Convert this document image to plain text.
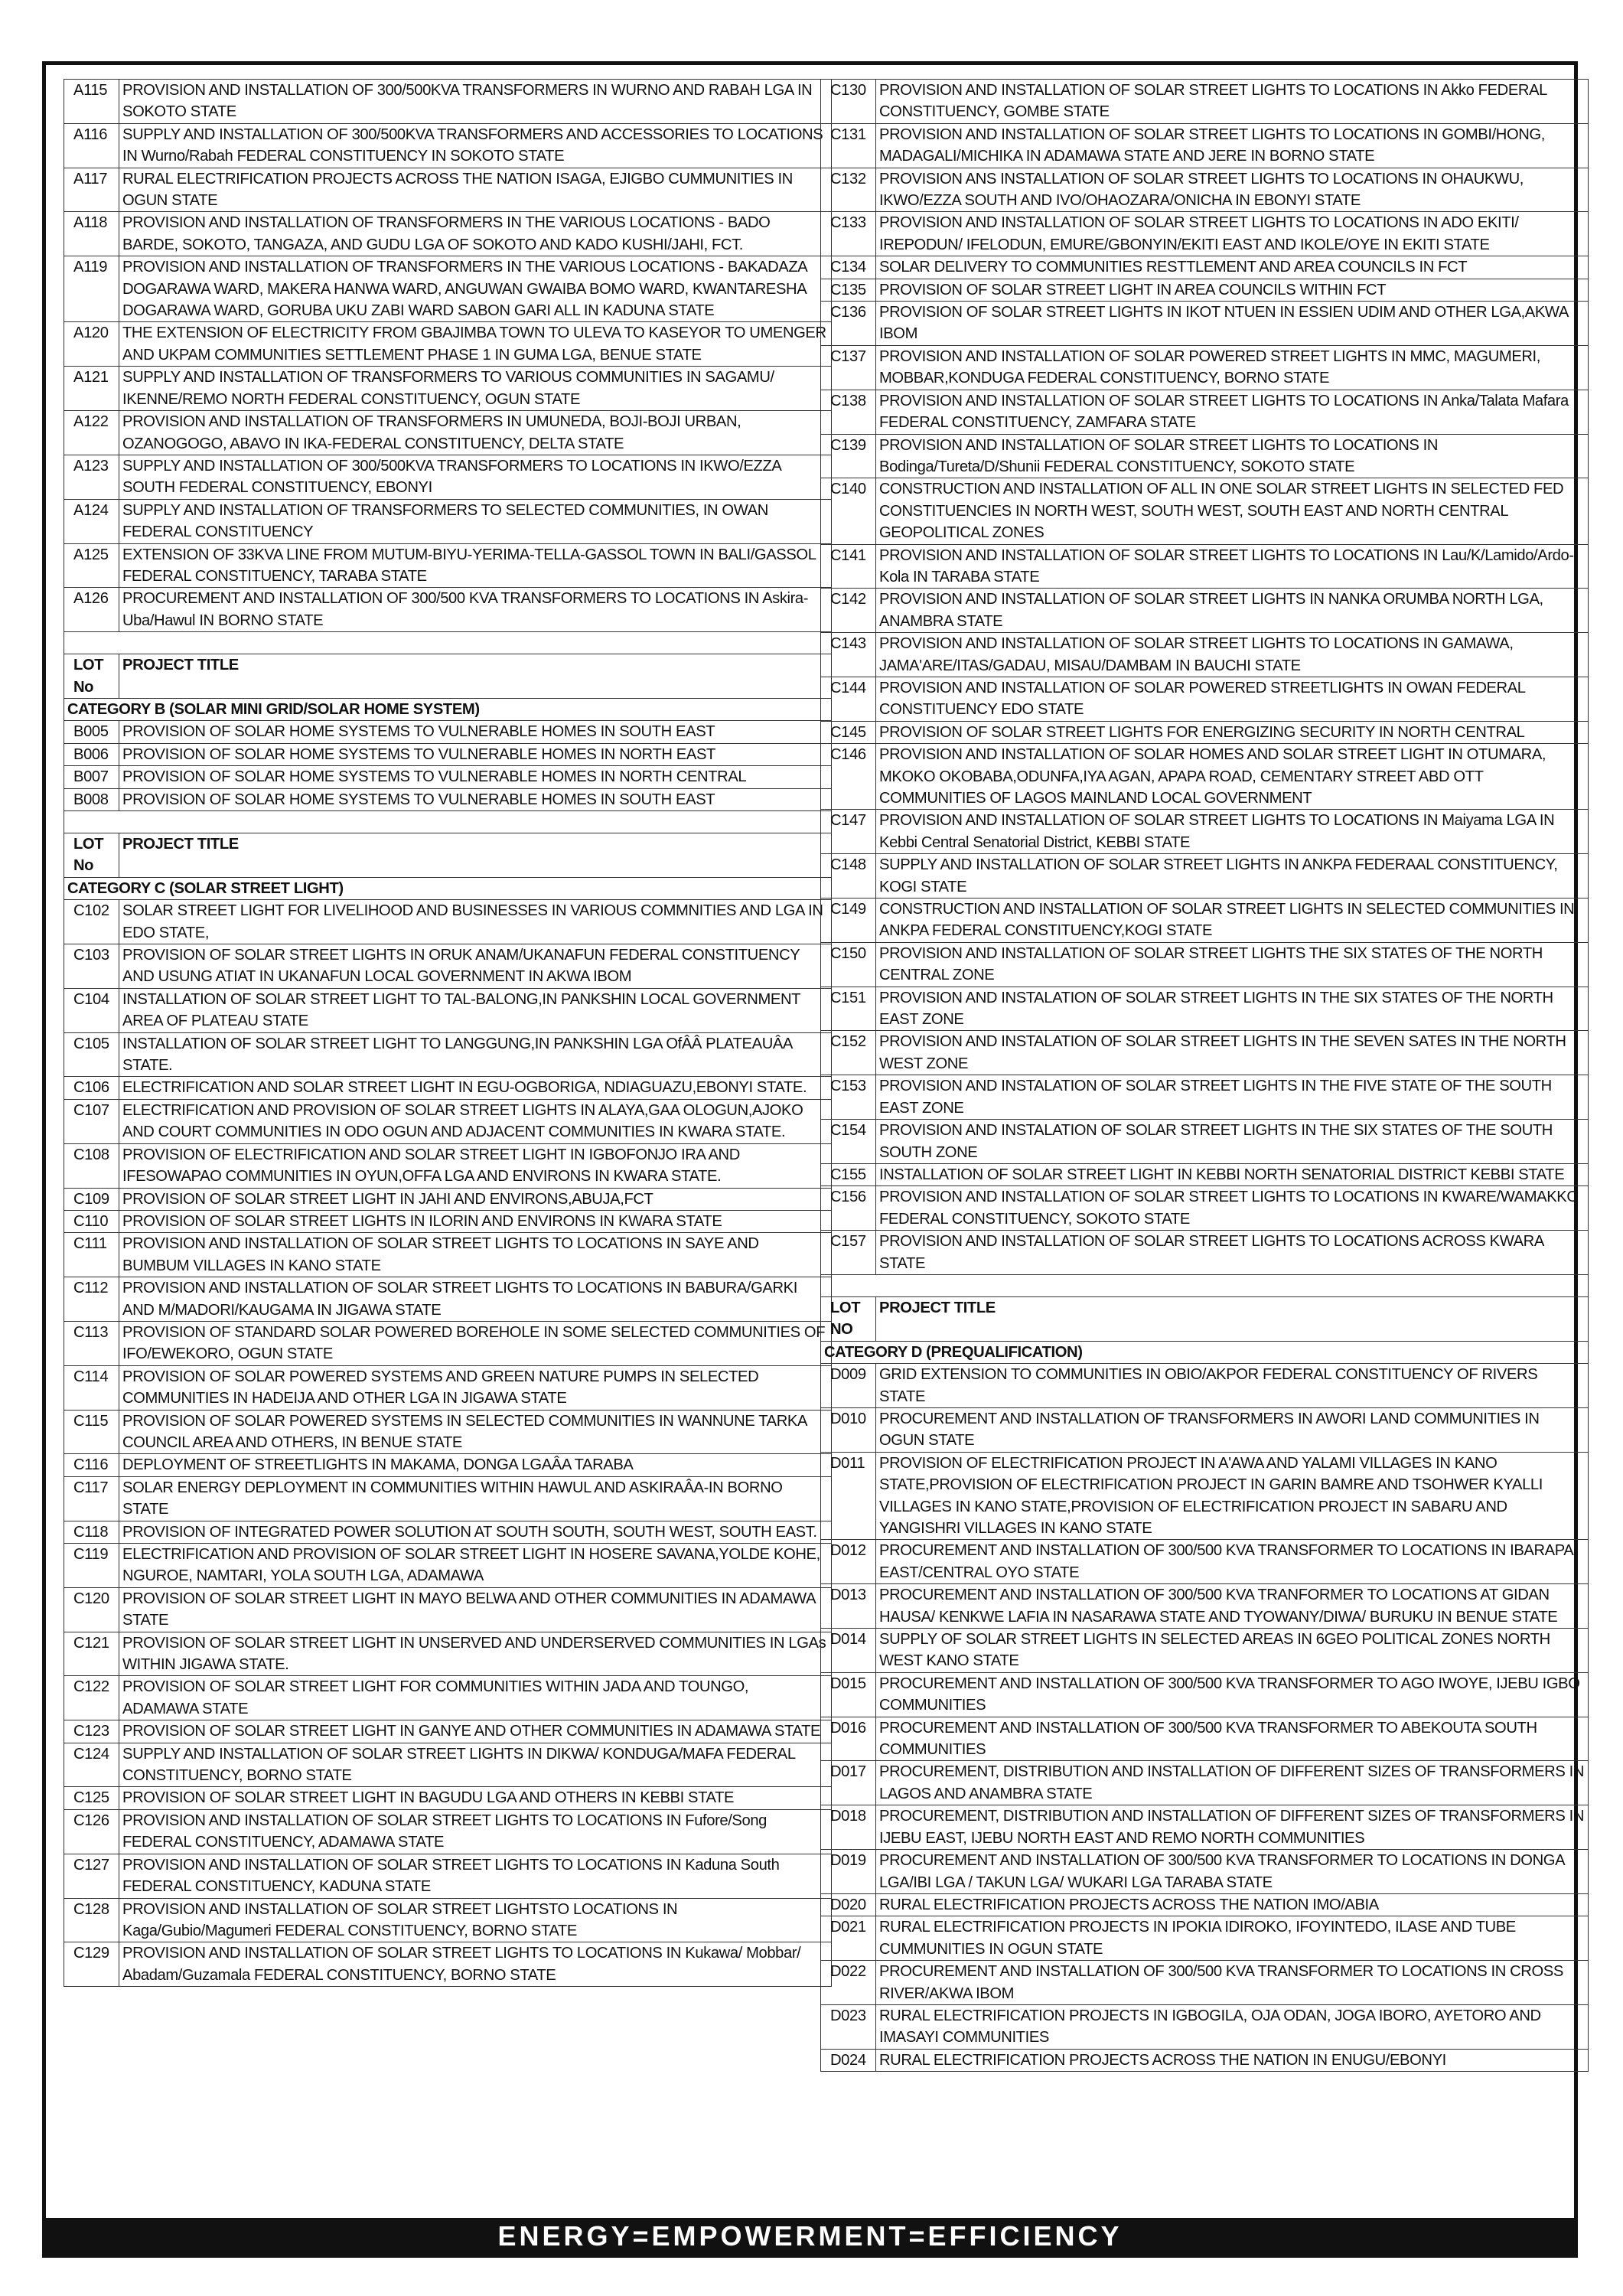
A115	PROVISION AND INSTALLATION OF 300/500KVA TRANSFORMERS IN WURNO AND RABAH LGA IN SOKOTO STATE
A116	SUPPLY AND INSTALLATION OF 300/500KVA TRANSFORMERS AND ACCESSORIES TO LOCATIONS IN Wurno/Rabah FEDERAL CONSTITUENCY IN SOKOTO STATE
A117	RURAL ELECTRIFICATION PROJECTS ACROSS THE NATION ISAGA, EJIGBO CUMMUNITIES IN OGUN STATE
A118	PROVISION AND INSTALLATION OF TRANSFORMERS IN THE VARIOUS LOCATIONS - BADO BARDE, SOKOTO, TANGAZA, AND GUDU LGA OF SOKOTO AND KADO KUSHI/JAHI, FCT.
A119	PROVISION AND INSTALLATION OF TRANSFORMERS IN THE VARIOUS LOCATIONS - BAKADAZA DOGARAWA WARD, MAKERA HANWA WARD, ANGUWAN GWAIBA BOMO WARD, KWANTARESHA DOGARAWA WARD, GORUBA UKU ZABI WARD SABON GARI ALL IN KADUNA STATE
A120	THE EXTENSION OF ELECTRICITY FROM GBAJIMBA TOWN TO ULEVA TO KASEYOR TO UMENGER AND UKPAM COMMUNITIES SETTLEMENT PHASE 1 IN GUMA LGA, BENUE STATE
A121	SUPPLY AND INSTALLATION OF TRANSFORMERS TO VARIOUS COMMUNITIES IN SAGAMU/ IKENNE/REMO NORTH FEDERAL CONSTITUENCY, OGUN STATE
A122	PROVISION AND INSTALLATION OF TRANSFORMERS IN UMUNEDA, BOJI-BOJI URBAN, OZANOGOGO, ABAVO IN IKA-FEDERAL CONSTITUENCY, DELTA STATE
A123	SUPPLY AND INSTALLATION OF 300/500KVA TRANSFORMERS TO LOCATIONS IN IKWO/EZZA SOUTH FEDERAL CONSTITUENCY, EBONYI
A124	SUPPLY AND INSTALLATION OF TRANSFORMERS TO SELECTED COMMUNITIES, IN OWAN FEDERAL CONSTITUENCY
A125	EXTENSION OF 33KVA LINE FROM MUTUM-BIYU-YERIMA-TELLA-GASSOL TOWN IN BALI/GASSOL FEDERAL CONSTITUENCY, TARABA STATE
A126	PROCUREMENT AND INSTALLATION OF 300/500 KVA TRANSFORMERS TO LOCATIONS IN Askira-Uba/Hawul IN BORNO STATE

LOT No	PROJECT TITLE
CATEGORY B (SOLAR MINI GRID/SOLAR HOME SYSTEM)	
B005	PROVISION OF SOLAR HOME SYSTEMS TO VULNERABLE HOMES IN SOUTH EAST
B006	PROVISION OF SOLAR HOME SYSTEMS TO VULNERABLE HOMES IN NORTH EAST
B007	PROVISION OF SOLAR HOME SYSTEMS TO VULNERABLE HOMES IN NORTH CENTRAL
B008	PROVISION OF SOLAR HOME SYSTEMS TO VULNERABLE HOMES IN SOUTH EAST

LOT No	PROJECT TITLE
CATEGORY C (SOLAR STREET LIGHT)	
C102	SOLAR STREET LIGHT FOR LIVELIHOOD AND BUSINESSES IN VARIOUS COMMNITIES AND LGA IN EDO STATE,
C103	PROVISION OF SOLAR STREET LIGHTS IN ORUK ANAM/UKANAFUN FEDERAL CONSTITUENCY AND USUNG ATIAT IN UKANAFUN LOCAL GOVERNMENT IN AKWA IBOM
C104	INSTALLATION OF SOLAR STREET LIGHT TO TAL-BALONG,IN PANKSHIN LOCAL GOVERNMENT AREA OF PLATEAU STATE
C105	INSTALLATION OF SOLAR STREET LIGHT TO LANGGUNG,IN PANKSHIN LGA OfÂÂ PLATEAUÂA STATE.
C106	ELECTRIFICATION AND SOLAR STREET LIGHT IN EGU-OGBORIGA, NDIAGUAZU,EBONYI STATE.
C107	ELECTRIFICATION AND PROVISION OF SOLAR STREET LIGHTS IN ALAYA,GAA OLOGUN,AJOKO AND COURT COMMUNITIES IN ODO OGUN AND ADJACENT COMMUNITIES IN KWARA STATE.
C108	PROVISION OF ELECTRIFICATION AND SOLAR STREET LIGHT IN IGBOFONJO IRA AND IFESOWAPAO COMMUNITIES IN OYUN,OFFA LGA AND ENVIRONS IN KWARA STATE.
C109	PROVISION OF SOLAR STREET LIGHT IN JAHI AND ENVIRONS,ABUJA,FCT
C110	PROVISION OF SOLAR STREET LIGHTS IN ILORIN AND ENVIRONS IN KWARA STATE
C111	PROVISION AND INSTALLATION OF SOLAR STREET LIGHTS TO LOCATIONS IN SAYE AND BUMBUM VILLAGES IN KANO STATE
C112	PROVISION AND INSTALLATION OF SOLAR STREET LIGHTS TO LOCATIONS IN BABURA/GARKI AND M/MADORI/KAUGAMA IN JIGAWA STATE
C113	PROVISION OF STANDARD SOLAR POWERED BOREHOLE IN SOME SELECTED COMMUNITIES OF IFO/EWEKORO, OGUN STATE
C114	PROVISION OF SOLAR POWERED SYSTEMS AND GREEN NATURE PUMPS IN SELECTED COMMUNITIES IN HADEIJA AND OTHER LGA IN JIGAWA STATE
C115	PROVISION OF SOLAR POWERED SYSTEMS IN SELECTED COMMUNITIES IN WANNUNE TARKA COUNCIL AREA AND OTHERS, IN BENUE STATE
C116	DEPLOYMENT OF STREETLIGHTS IN MAKAMA, DONGA LGAÂA TARABA
C117	SOLAR ENERGY DEPLOYMENT IN COMMUNITIES WITHIN HAWUL AND ASKIRAÂA-IN BORNO STATE
C118	PROVISION OF INTEGRATED POWER SOLUTION AT SOUTH SOUTH, SOUTH WEST, SOUTH EAST.
C119	ELECTRIFICATION AND PROVISION OF SOLAR STREET LIGHT IN HOSERE SAVANA,YOLDE KOHE, NGUROE, NAMTARI, YOLA SOUTH LGA, ADAMAWA
C120	PROVISION OF SOLAR STREET LIGHT IN MAYO BELWA AND OTHER COMMUNITIES IN ADAMAWA STATE
C121	PROVISION OF SOLAR STREET LIGHT IN UNSERVED AND UNDERSERVED COMMUNITIES IN LGAs WITHIN JIGAWA STATE.
C122	PROVISION OF SOLAR STREET LIGHT FOR COMMUNITIES WITHIN JADA AND TOUNGO, ADAMAWA STATE
C123	PROVISION OF SOLAR STREET LIGHT IN GANYE AND OTHER COMMUNITIES IN ADAMAWA STATE
C124	SUPPLY AND INSTALLATION OF SOLAR STREET LIGHTS IN DIKWA/ KONDUGA/MAFA FEDERAL CONSTITUENCY, BORNO STATE
C125	PROVISION OF SOLAR STREET LIGHT IN BAGUDU LGA AND OTHERS IN KEBBI STATE
C126	PROVISION AND INSTALLATION OF SOLAR STREET LIGHTS TO LOCATIONS IN Fufore/Song FEDERAL CONSTITUENCY, ADAMAWA STATE
C127	PROVISION AND INSTALLATION OF SOLAR STREET LIGHTS TO LOCATIONS IN Kaduna South FEDERAL CONSTITUENCY, KADUNA STATE
C128	PROVISION AND INSTALLATION OF SOLAR STREET LIGHTSTO LOCATIONS IN Kaga/Gubio/Magumeri FEDERAL CONSTITUENCY, BORNO STATE
C129	PROVISION AND INSTALLATION OF SOLAR STREET LIGHTS TO LOCATIONS IN Kukawa/ Mobbar/ Abadam/Guzamala FEDERAL CONSTITUENCY, BORNO STATE
C130	PROVISION AND INSTALLATION OF SOLAR STREET LIGHTS TO LOCATIONS IN Akko FEDERAL CONSTITUENCY, GOMBE STATE
C131	PROVISION AND INSTALLATION OF SOLAR STREET LIGHTS TO LOCATIONS IN GOMBI/HONG, MADAGALI/MICHIKA IN ADAMAWA STATE AND JERE IN BORNO STATE
C132	PROVISION ANS INSTALLATION OF SOLAR STREET LIGHTS TO LOCATIONS IN OHAUKWU, IKWO/EZZA SOUTH AND IVO/OHAOZARA/ONICHA IN EBONYI STATE
C133	PROVISION AND INSTALLATION OF SOLAR STREET LIGHTS TO LOCATIONS IN ADO EKITI/ IREPODUN/ IFELODUN, EMURE/GBONYIN/EKITI EAST AND IKOLE/OYE IN EKITI STATE
C134	SOLAR DELIVERY TO COMMUNITIES RESTTLEMENT AND AREA COUNCILS IN FCT
C135	PROVISION OF SOLAR STREET LIGHT IN AREA COUNCILS WITHIN FCT
C136	PROVISION OF SOLAR STREET LIGHTS IN IKOT NTUEN IN ESSIEN UDIM AND OTHER LGA,AKWA IBOM
C137	PROVISION AND INSTALLATION OF SOLAR POWERED STREET LIGHTS IN MMC, MAGUMERI, MOBBAR,KONDUGA FEDERAL CONSTITUENCY, BORNO STATE
C138	PROVISION AND INSTALLATION OF SOLAR STREET LIGHTS TO LOCATIONS IN Anka/Talata Mafara FEDERAL CONSTITUENCY, ZAMFARA STATE
C139	PROVISION AND INSTALLATION OF SOLAR STREET LIGHTS TO LOCATIONS IN Bodinga/Tureta/D/Shunii FEDERAL CONSTITUENCY, SOKOTO STATE
C140	CONSTRUCTION AND INSTALLATION OF ALL IN ONE SOLAR STREET LIGHTS IN SELECTED FED CONSTITUENCIES IN NORTH WEST, SOUTH WEST, SOUTH EAST AND NORTH CENTRAL GEOPOLITICAL ZONES
C141	PROVISION AND INSTALLATION OF SOLAR STREET LIGHTS TO LOCATIONS IN Lau/K/Lamido/Ardo-Kola IN TARABA STATE
C142	PROVISION AND INSTALLATION OF SOLAR STREET LIGHTS IN NANKA ORUMBA NORTH LGA, ANAMBRA STATE
C143	PROVISION AND INSTALLATION OF SOLAR STREET LIGHTS TO LOCATIONS IN GAMAWA, JAMA'ARE/ITAS/GADAU, MISAU/DAMBAM IN BAUCHI STATE
C144	PROVISION AND INSTALLATION OF SOLAR POWERED STREETLIGHTS IN OWAN FEDERAL CONSTITUENCY EDO STATE
C145	PROVISION OF SOLAR STREET LIGHTS FOR ENERGIZING SECURITY IN NORTH CENTRAL
C146	PROVISION AND INSTALLATION OF SOLAR HOMES AND SOLAR STREET LIGHT IN OTUMARA, MKOKO OKOBABA,ODUNFA,IYA AGAN, APAPA ROAD, CEMENTARY STREET ABD OTT COMMUNITIES OF LAGOS MAINLAND LOCAL GOVERNMENT
C147	PROVISION AND INSTALLATION OF SOLAR STREET LIGHTS TO LOCATIONS IN Maiyama LGA IN Kebbi Central Senatorial District, KEBBI STATE
C148	SUPPLY AND INSTALLATION OF SOLAR STREET LIGHTS IN ANKPA FEDERAAL CONSTITUENCY, KOGI STATE
C149	CONSTRUCTION AND INSTALLATION OF SOLAR STREET LIGHTS IN SELECTED COMMUNITIES IN ANKPA FEDERAL CONSTITUENCY,KOGI STATE
C150	PROVISION AND INSTALLATION OF SOLAR STREET LIGHTS THE SIX STATES OF THE NORTH CENTRAL ZONE
C151	PROVISION AND INSTALATION OF SOLAR STREET LIGHTS IN THE SIX STATES OF THE NORTH EAST ZONE
C152	PROVISION AND INSTALATION OF SOLAR STREET LIGHTS IN THE SEVEN SATES IN THE NORTH WEST ZONE
C153	PROVISION AND INSTALATION OF SOLAR STREET LIGHTS IN THE FIVE STATE OF THE SOUTH EAST ZONE
C154	PROVISION AND INSTALATION OF SOLAR STREET LIGHTS IN THE SIX STATES OF THE SOUTH SOUTH ZONE
C155	INSTALLATION OF SOLAR STREET LIGHT IN KEBBI NORTH SENATORIAL DISTRICT KEBBI STATE
C156	PROVISION AND INSTALLATION OF SOLAR STREET LIGHTS TO LOCATIONS IN KWARE/WAMAKKO FEDERAL CONSTITUENCY, SOKOTO STATE
C157	PROVISION AND INSTALLATION OF SOLAR STREET LIGHTS TO LOCATIONS ACROSS KWARA STATE

LOT NO	PROJECT TITLE
CATEGORY D (PREQUALIFICATION)	
D009	GRID EXTENSION TO COMMUNITIES IN OBIO/AKPOR FEDERAL CONSTITUENCY OF RIVERS STATE
D010	PROCUREMENT AND INSTALLATION OF TRANSFORMERS IN AWORI LAND COMMUNITIES IN OGUN STATE
D011	PROVISION OF ELECTRIFICATION PROJECT IN A'AWA AND YALAMI VILLAGES IN KANO STATE,PROVISION OF ELECTRIFICATION PROJECT IN GARIN BAMRE AND TSOHWER KYALLI VILLAGES IN KANO STATE,PROVISION OF ELECTRIFICATION PROJECT IN SABARU AND YANGISHRI VILLAGES IN KANO STATE
D012	PROCUREMENT AND INSTALLATION OF 300/500 KVA TRANSFORMER TO LOCATIONS IN IBARAPA EAST/CENTRAL OYO STATE
D013	PROCUREMENT AND INSTALLATION OF 300/500 KVA TRANFORMER TO LOCATIONS AT GIDAN HAUSA/ KENKWE LAFIA IN NASARAWA STATE AND TYOWANY/DIWA/ BURUKU IN BENUE STATE
D014	SUPPLY OF SOLAR STREET LIGHTS IN SELECTED AREAS IN 6GEO POLITICAL ZONES NORTH WEST KANO STATE
D015	PROCUREMENT AND INSTALLATION OF 300/500 KVA TRANSFORMER TO AGO IWOYE, IJEBU IGBO COMMUNITIES
D016	PROCUREMENT AND INSTALLATION OF 300/500 KVA TRANSFORMER TO ABEKOUTA SOUTH COMMUNITIES
D017	PROCUREMENT, DISTRIBUTION AND INSTALLATION OF DIFFERENT SIZES OF TRANSFORMERS IN LAGOS AND ANAMBRA STATE
D018	PROCUREMENT, DISTRIBUTION AND INSTALLATION OF DIFFERENT SIZES OF TRANSFORMERS IN IJEBU EAST, IJEBU NORTH EAST AND REMO NORTH COMMUNITIES
D019	PROCUREMENT AND INSTALLATION OF 300/500 KVA TRANSFORMER TO LOCATIONS IN DONGA LGA/IBI LGA / TAKUN LGA/ WUKARI LGA TARABA STATE
D020	RURAL ELECTRIFICATION PROJECTS ACROSS THE NATION IMO/ABIA
D021	RURAL ELECTRIFICATION PROJECTS IN IPOKIA IDIROKO, IFOYINTEDO, ILASE AND TUBE CUMMUNITIES IN OGUN STATE
D022	PROCUREMENT AND INSTALLATION OF 300/500 KVA TRANSFORMER TO LOCATIONS IN CROSS RIVER/AKWA IBOM
D023	RURAL ELECTRIFICATION PROJECTS IN IGBOGILA, OJA ODAN, JOGA IBORO, AYETORO AND IMASAYI COMMUNITIES
D024	RURAL ELECTRIFICATION PROJECTS ACROSS THE NATION IN ENUGU/EBONYI
ENERGY=EMPOWERMENT=EFFICIENCY
